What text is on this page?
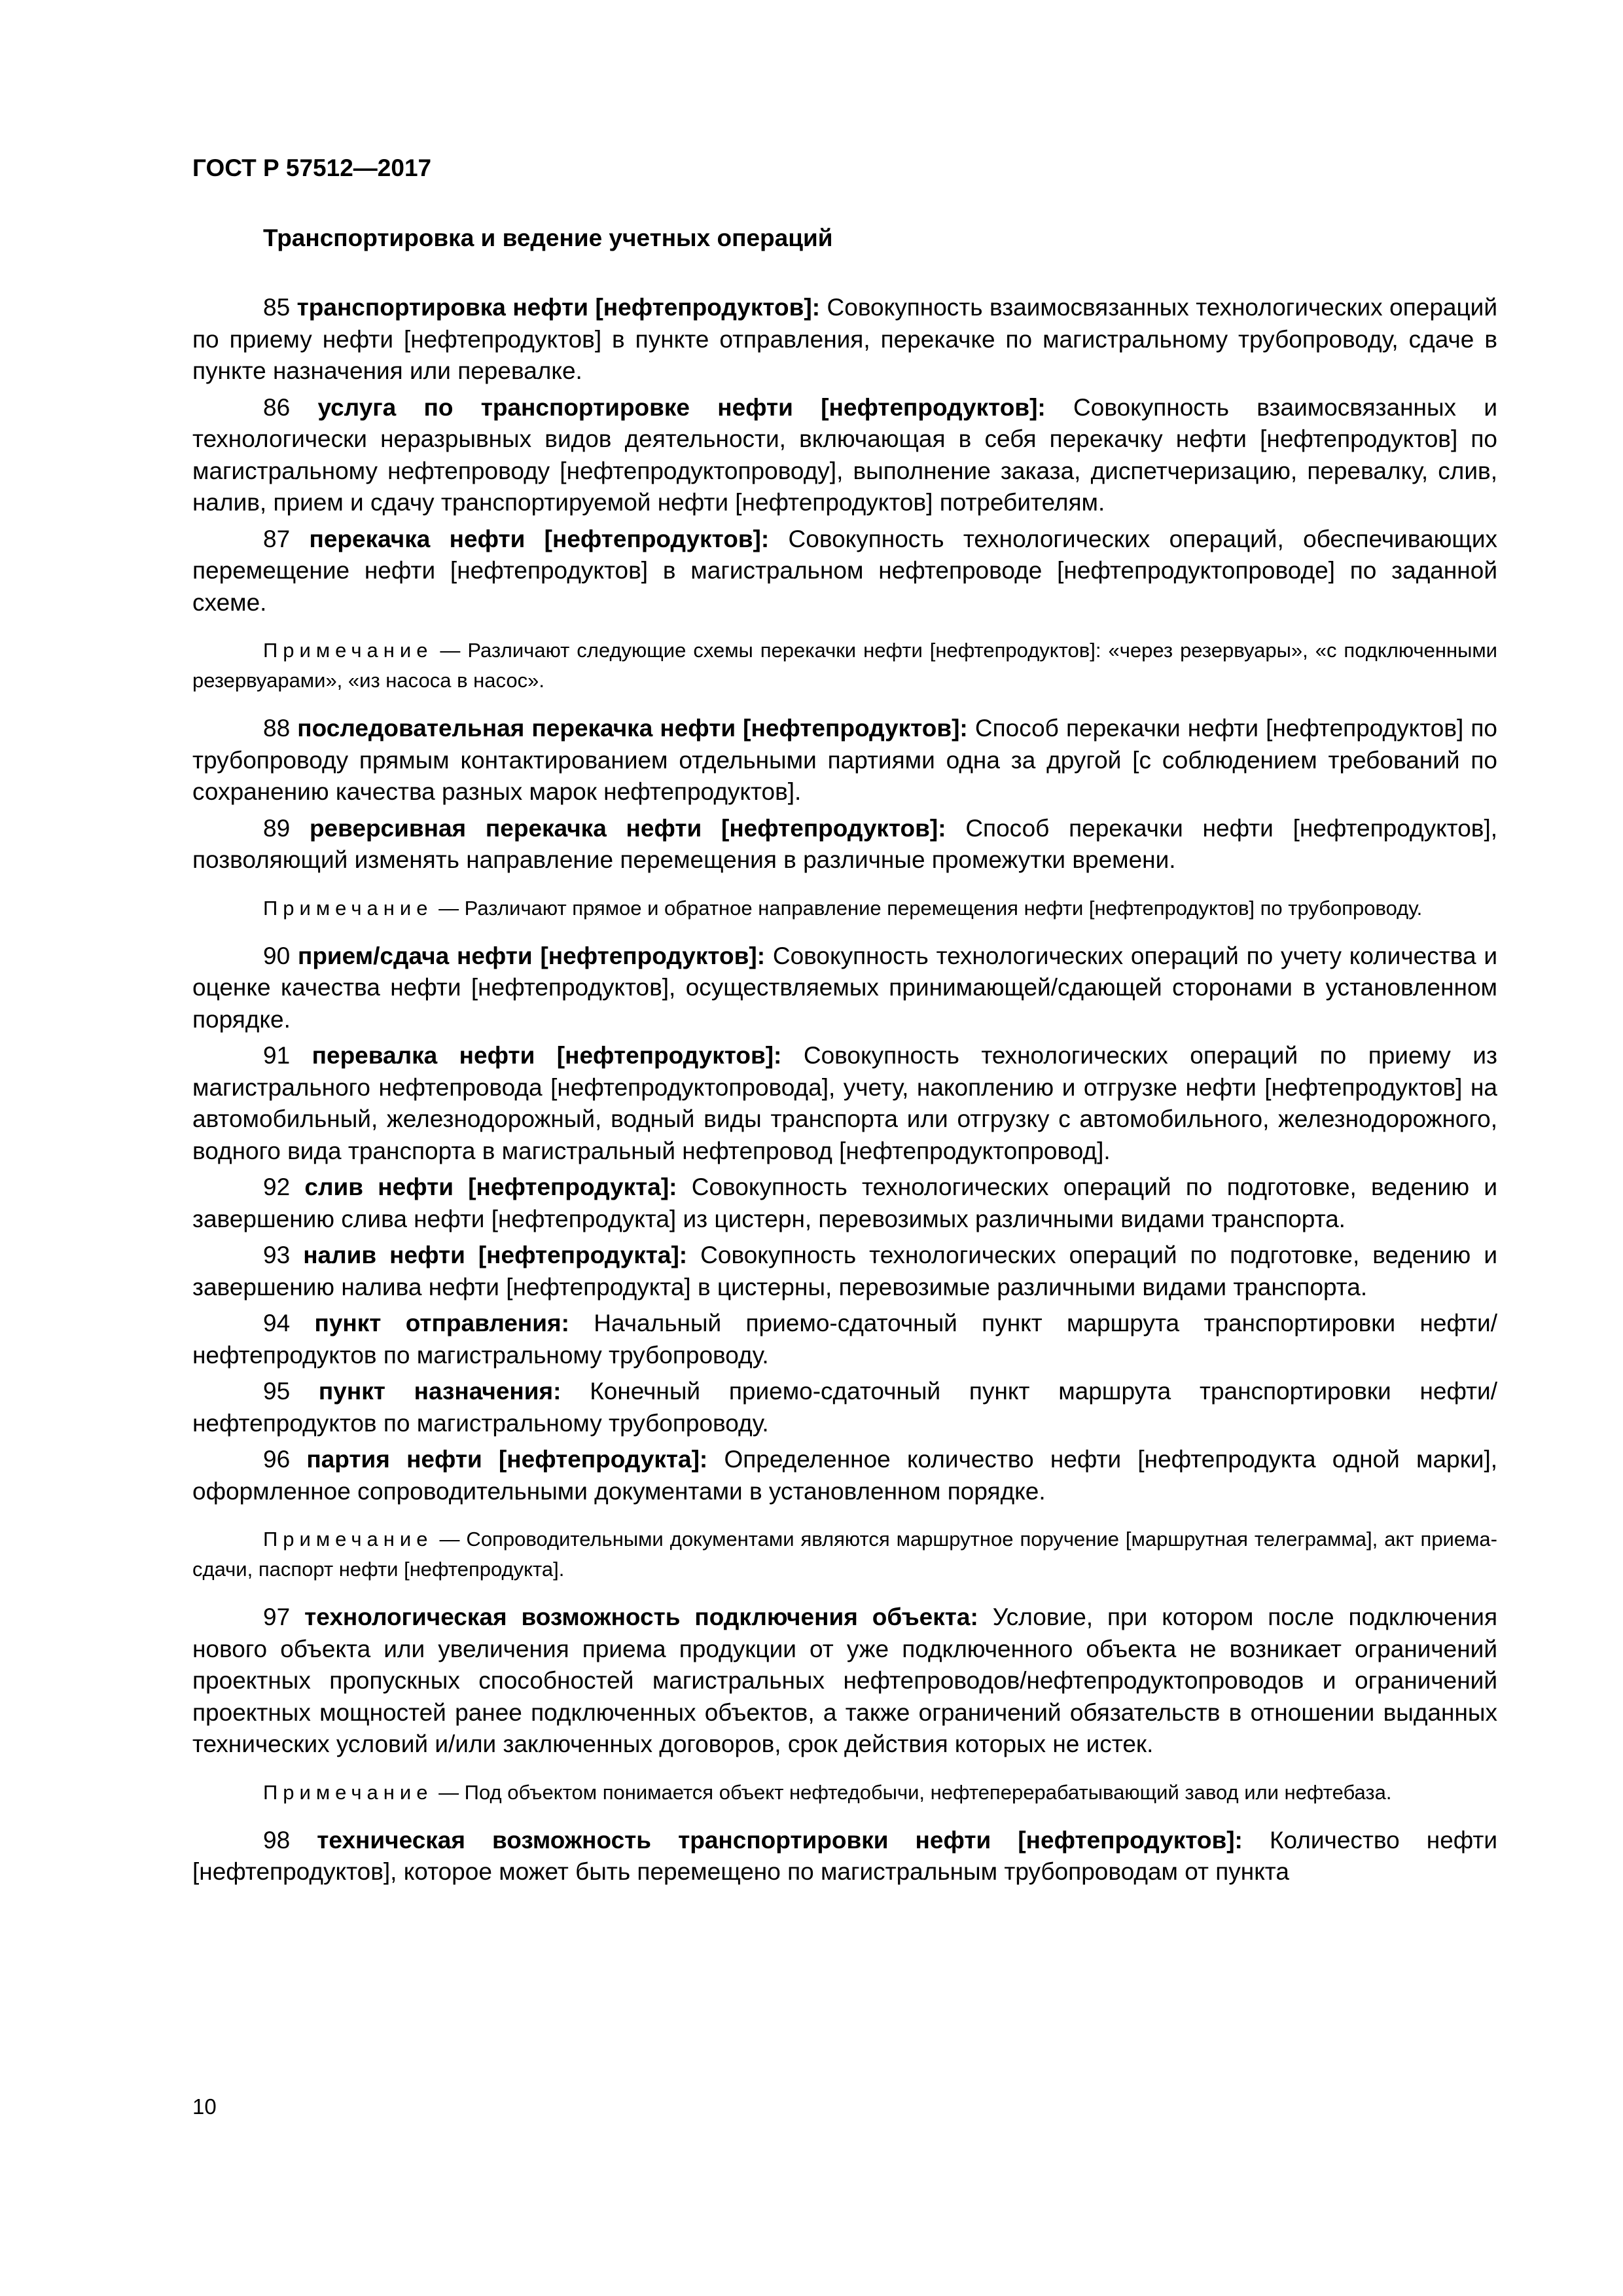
ГОСТ Р 57512—2017
Транспортировка и ведение учетных операций

85 транспортировка нефти [нефтепродуктов]: Совокупность взаимосвязанных технологических операций по приему нефти [нефтепродуктов] в пункте отправления, перекачке по магистральному трубопроводу, сдаче в пункте назначения или перевалке.

86 услуга по транспортировке нефти [нефтепродуктов]: Совокупность взаимосвязанных и технологически неразрывных видов деятельности, включающая в себя перекачку нефти [нефтепродуктов] по магистральному нефтепроводу [нефтепродуктопроводу], выполнение заказа, диспетчеризацию, перевалку, слив, налив, прием и сдачу транспортируемой нефти [нефтепродуктов] потребителям.

87 перекачка нефти [нефтепродуктов]: Совокупность технологических операций, обеспечивающих перемещение нефти [нефтепродуктов] в магистральном нефтепроводе [нефтепродуктопроводе] по заданной схеме.

Примечание — Различают следующие схемы перекачки нефти [нефтепродуктов]: «через резервуары», «с подключенными резервуарами», «из насоса в насос».

88 последовательная перекачка нефти [нефтепродуктов]: Способ перекачки нефти [нефтепродуктов] по трубопроводу прямым контактированием отдельными партиями одна за другой [с соблюдением требований по сохранению качества разных марок нефтепродуктов].

89 реверсивная перекачка нефти [нефтепродуктов]: Способ перекачки нефти [нефтепродуктов], позволяющий изменять направление перемещения в различные промежутки времени.

Примечание — Различают прямое и обратное направление перемещения нефти [нефтепродуктов] по трубопроводу.

90 прием/сдача нефти [нефтепродуктов]: Совокупность технологических операций по учету количества и оценке качества нефти [нефтепродуктов], осуществляемых принимающей/сдающей сторонами в установленном порядке.

91 перевалка нефти [нефтепродуктов]: Совокупность технологических операций по приему из магистрального нефтепровода [нефтепродуктопровода], учету, накоплению и отгрузке нефти [нефтепродуктов] на автомобильный, железнодорожный, водный виды транспорта или отгрузку с автомобильного, железнодорожного, водного вида транспорта в магистральный нефтепровод [нефтепродуктопровод].

92 слив нефти [нефтепродукта]: Совокупность технологических операций по подготовке, ведению и завершению слива нефти [нефтепродукта] из цистерн, перевозимых различными видами транспорта.

93 налив нефти [нефтепродукта]: Совокупность технологических операций по подготовке, ведению и завершению налива нефти [нефтепродукта] в цистерны, перевозимые различными видами транспорта.

94 пункт отправления: Начальный приемо-сдаточный пункт маршрута транспортировки нефти/нефтепродуктов по магистральному трубопроводу.

95 пункт назначения: Конечный приемо-сдаточный пункт маршрута транспортировки нефти/нефтепродуктов по магистральному трубопроводу.

96 партия нефти [нефтепродукта]: Определенное количество нефти [нефтепродукта одной марки], оформленное сопроводительными документами в установленном порядке.

Примечание — Сопроводительными документами являются маршрутное поручение [маршрутная телеграмма], акт приема-сдачи, паспорт нефти [нефтепродукта].

97 технологическая возможность подключения объекта: Условие, при котором после подключения нового объекта или увеличения приема продукции от уже подключенного объекта не возникает ограничений проектных пропускных способностей магистральных нефтепроводов/нефтепродуктопроводов и ограничений проектных мощностей ранее подключенных объектов, а также ограничений обязательств в отношении выданных технических условий и/или заключенных договоров, срок действия которых не истек.

Примечание — Под объектом понимается объект нефтедобычи, нефтеперерабатывающий завод или нефтебаза.

98 техническая возможность транспортировки нефти [нефтепродуктов]: Количество нефти [нефтепродуктов], которое может быть перемещено по магистральным трубопроводам от пункта

10
